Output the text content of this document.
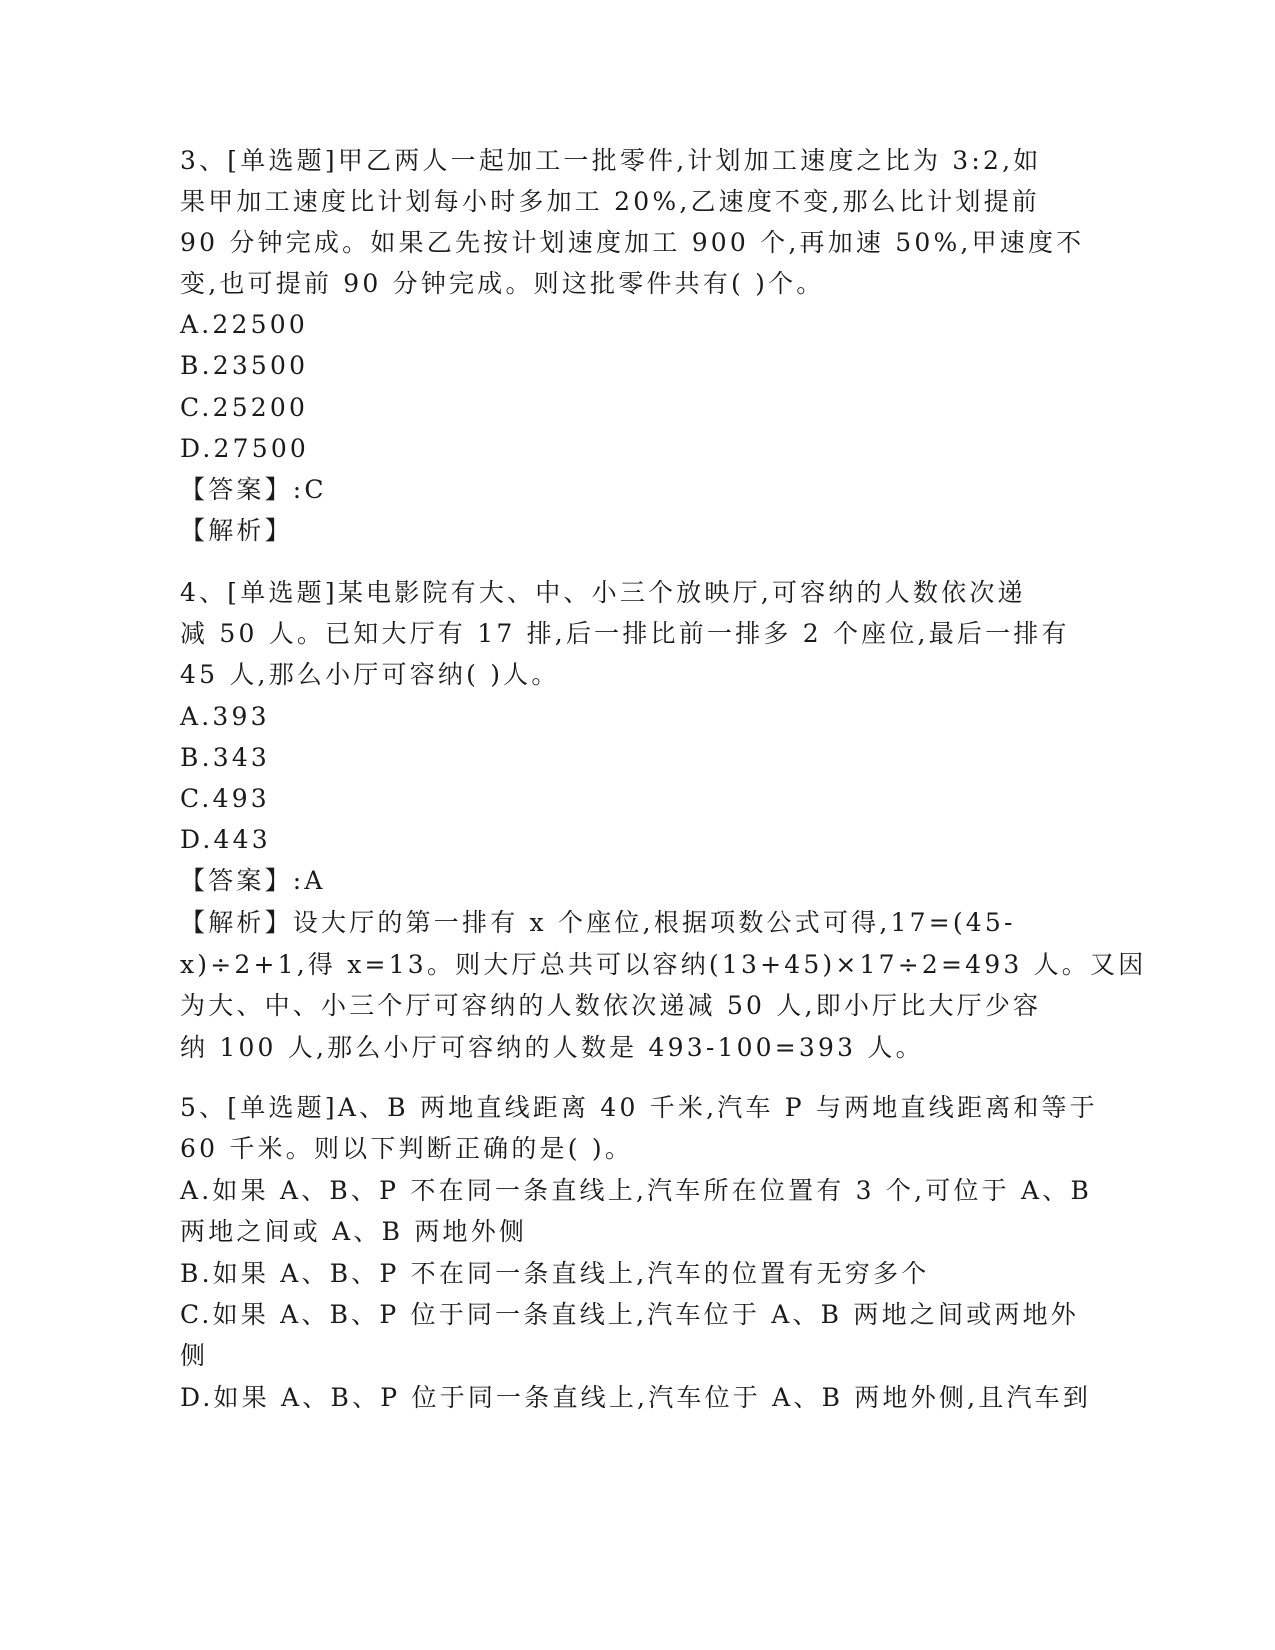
3、[单选题]甲乙两人一起加工一批零件,计划加工速度之比为 3:2,如
果甲加工速度比计划每小时多加工 20%,乙速度不变,那么比计划提前
90 分钟完成。如果乙先按计划速度加工 900 个,再加速 50%,甲速度不
变,也可提前 90 分钟完成。则这批零件共有( )个。
A.22500
B.23500
C.25200
D.27500
【答案】:C
【解析】
4、[单选题]某电影院有大、中、小三个放映厅,可容纳的人数依次递
减 50 人。已知大厅有 17 排,后一排比前一排多 2 个座位,最后一排有
45 人,那么小厅可容纳( )人。
A.393
B.343
C.493
D.443
【答案】:A
【解析】设大厅的第一排有 x 个座位,根据项数公式可得,17=(45-
x)÷2+1,得 x=13。则大厅总共可以容纳(13+45)×17÷2=493 人。又因
为大、中、小三个厅可容纳的人数依次递减 50 人,即小厅比大厅少容
纳 100 人,那么小厅可容纳的人数是 493-100=393 人。
5、[单选题]A、B 两地直线距离 40 千米,汽车 P 与两地直线距离和等于
60 千米。则以下判断正确的是( )。
A.如果 A、B、P 不在同一条直线上,汽车所在位置有 3 个,可位于 A、B
两地之间或 A、B 两地外侧
B.如果 A、B、P 不在同一条直线上,汽车的位置有无穷多个
C.如果 A、B、P 位于同一条直线上,汽车位于 A、B 两地之间或两地外
侧
D.如果 A、B、P 位于同一条直线上,汽车位于 A、B 两地外侧,且汽车到
